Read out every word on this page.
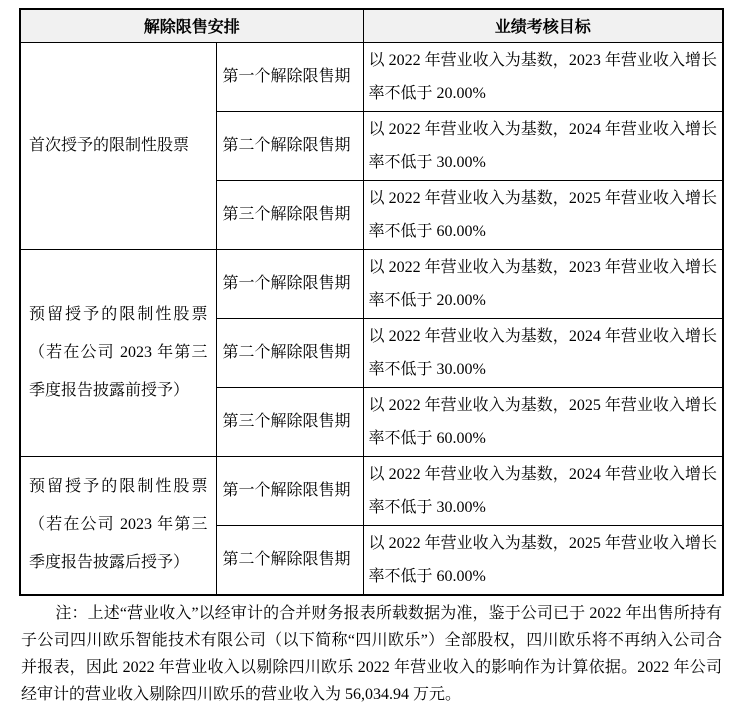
解除限售安排		业绩考核目标
首次授予的限制性股票	第一个解除限售期	以 2022 年营业收入为基数，2023 年营业收入增长率不低于 20.00%
	第二个解除限售期	以 2022 年营业收入为基数，2024 年营业收入增长率不低于 30.00%
	第三个解除限售期	以 2022 年营业收入为基数，2025 年营业收入增长率不低于 60.00%
预留授予的限制性股票（若在公司 2023 年第三季度报告披露前授予）	第一个解除限售期	以 2022 年营业收入为基数，2023 年营业收入增长率不低于 20.00%
	第二个解除限售期	以 2022 年营业收入为基数，2024 年营业收入增长率不低于 30.00%
	第三个解除限售期	以 2022 年营业收入为基数，2025 年营业收入增长率不低于 60.00%
预留授予的限制性股票（若在公司 2023 年第三季度报告披露后授予）	第一个解除限售期	以 2022 年营业收入为基数，2024 年营业收入增长率不低于 30.00%
	第二个解除限售期	以 2022 年营业收入为基数，2025 年营业收入增长率不低于 60.00%

注：上述“营业收入”以经审计的合并财务报表所载数据为准，鉴于公司已于 2022 年出售所持有子公司四川欧乐智能技术有限公司（以下简称“四川欧乐”）全部股权，四川欧乐将不再纳入公司合并报表，因此 2022 年营业收入以剔除四川欧乐 2022 年营业收入的影响作为计算依据。2022 年公司经审计的营业收入剔除四川欧乐的营业收入为 56,034.94 万元。
